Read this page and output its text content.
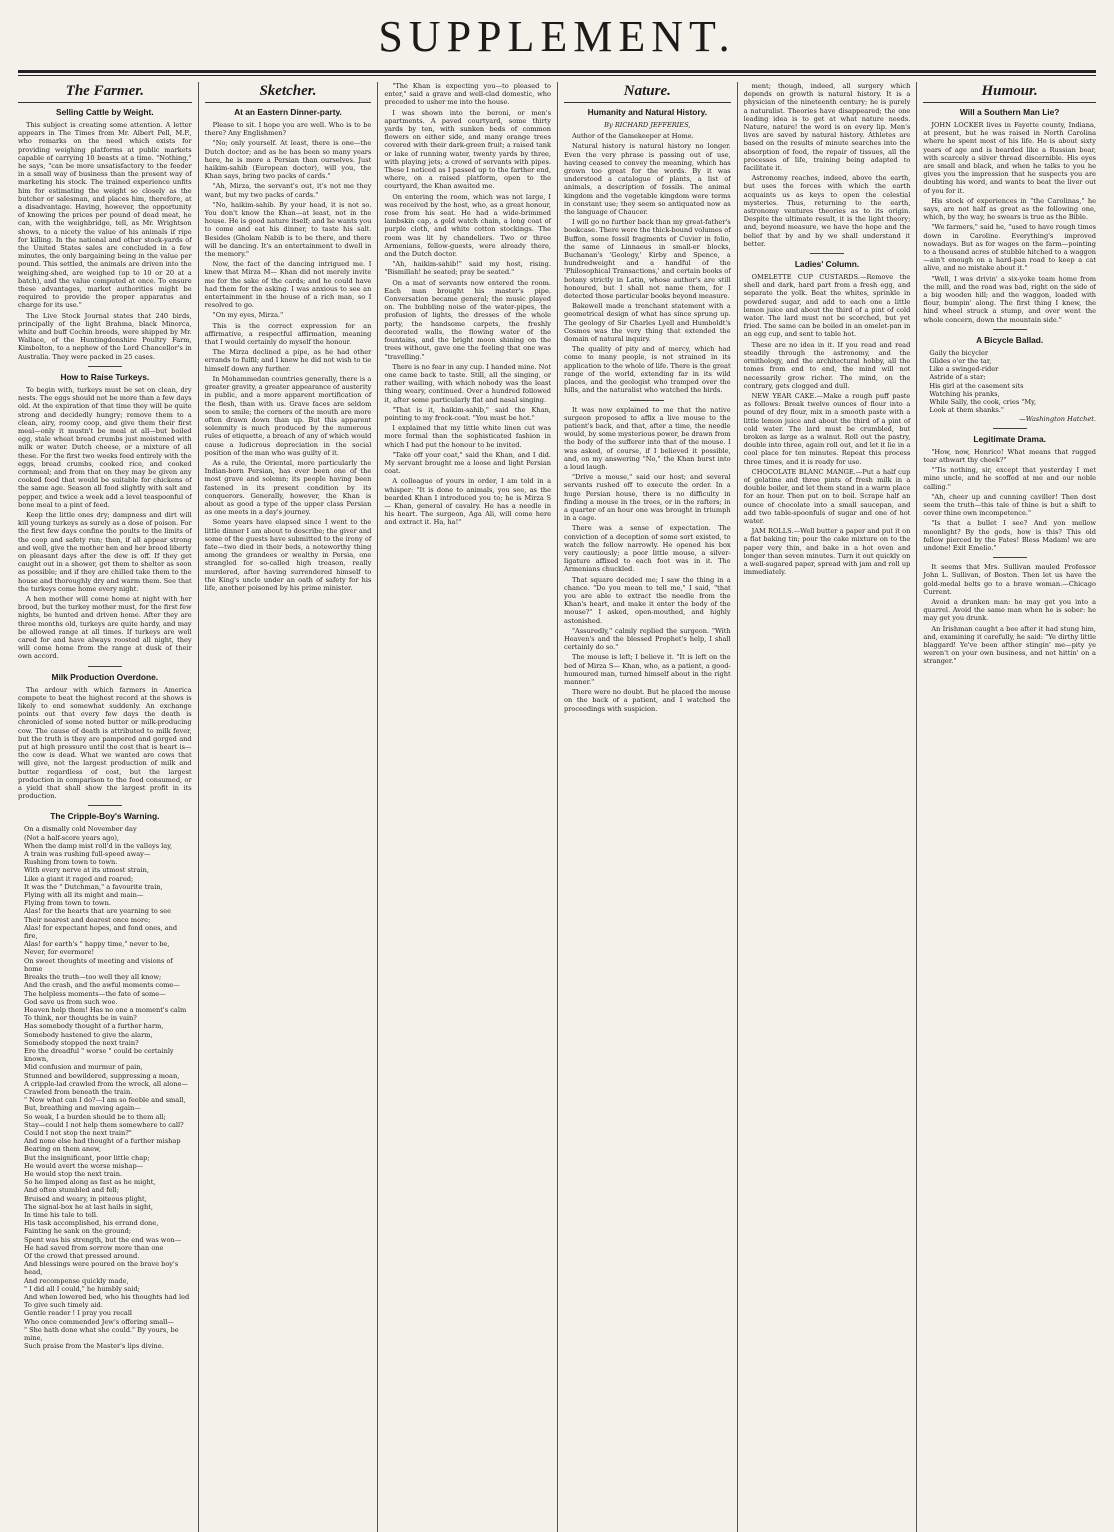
SUPPLEMENT.
The Farmer.
Selling Cattle by Weight.

This subject is creating some attention. A letter appears in The Times from Mr. Albert Pell, M.P., who remarks on the need which exists for providing weighing platforms at public markets capable of carrying 10 beasts at a time. "Nothing," he says, "can be more unsatisfactory to the feeder in a small way of business than the present way of marketing his stock. The trained experience unfits him for estimating the weight so closely as the butcher or salesman, and places him, therefore, at a disadvantage. Having, however, the opportunity of knowing the prices per pound of dead meat, he can, with the weighbridge, tell, as Mr. Wrightson shows, to a nicety the value of his animals if ripe for killing. In the national and other stock-yards of the United States sales are concluded in a few minutes, the only bargaining being in the value per pound. This settled, the animals are driven into the weighing-shed, are weighed (up to 10 or 20 at a batch), and the value computed at once. To ensure these advantages, market authorities might be required to provide the proper apparatus and charge for its use."

The Live Stock Journal states that 240 birds, principally of the light Brahma, black Minorca, white and buff Cochin breeds, were shipped by Mr. Wallace, of the Huntingdonshire Poultry Farm, Kimbolton, to a nephew of the Lord Chancellor's in Australia. They were packed in 25 cases.

How to Raise Turkeys.

To begin with, turkeys must be set on clean, dry nests. The eggs should not be more than a few days old. At the expiration of that time they will be quite strong and decidedly hungry; remove them to a clean, airy, roomy coop, and give them their first meal—only it mustn't be meal at all—but boiled egg, stale wheat bread crumbs just moistened with milk or water. Dutch cheese, or a mixture of all these. For the first two weeks feed entirely with the eggs, bread crumbs, cooked rice, and cooked cornmeal; and from that on they may be given any cooked food that would be suitable for chickens of the same age. Season all food slightly with salt and pepper, and twice a week add a level teaspoonful of bone meal to a pint of feed.

Keep the little ones dry; dampness and dirt will kill young turkeys as surely as a dose of poison. For the first few days confine the poults to the limits of the coop and safety run; then, if all appear strong and well, give the mother hen and her brood liberty on pleasant days after the dew is off. If they get caught out in a shower, get them to shelter as soon as possible; and if they are chilled take them to the house and thoroughly dry and warm them. See that the turkeys come home every night.

A hen mother will come home at night with her brood, but the turkey mother must, for the first few nights, be hunted and driven home. After they are three months old, turkeys are quite hardy, and may be allowed range at all times. If turkeys are well cared for and have always roosted all night, they will come home from the range at dusk of their own accord.

Milk Production Overdone.

The ardour with which farmers in America compete to beat the highest record at the shows is likely to end somewhat suddenly. An exchange points out that every few days the death is chronicled of some noted butter or milk-producing cow. The cause of death is attributed to milk fever, but the truth is they are pampered and gorged and put at high pressure until the cost that is heart is—the cow is dead. What we wanted are cows that will give, not the largest production of milk and butter regardless of cost, but the largest production in comparison to the food consumed, or a yield that shall show the largest profit in its production.

The Cripple-Boy's Warning.
On a dismally cold November day
(Not a half-score years ago),
When the damp mist roll'd in the valleys lay,
A train was rushing full-speed away—
Rushing from town to town.
With every nerve at its utmost strain,
Like a giant it raged and roared;
It was the " Dutchman," a favourite train,
Flying with all its might and main—
Flying from town to town.
Alas! for the hearts that are yearning to see
Their nearest and dearest once more;
Alas! for expectant hopes, and fond ones, and fire,
Alas! for earth's " happy time," never to be,
Never, for evermore!
On sweet thoughts of meeting and visions of home
Breaks the truth—too well they all know;
And the crash, and the awful moments come—
The helpless moments—the fate of some—
God save us from such woe.
Heaven help them! Has no one a moment's calm
To think, nor thoughts be in vain?
Has somebody thought of a further harm,
Somebody hastened to give the alarm,
Somebody stopped the next train?
Ere the dreadful " worse " could be certainly known,
Mid confusion and murmur of pain,
Stunned and bewildered, suppressing a moan,
A cripple-lad crawled from the wreck, all alone—
Crawled from beneath the train.
" Now what can I do?—I am so feeble and small,
But, breathing and moving again—
So weak, I a burden should be to them all;
Stay—could I not help them somewhere to call?
Could I not stop the next train?"
And none else had thought of a further mishap
Bearing on them anew,
But the insignificant, poor little chap;
He would avert the worse mishap—
He would stop the next train.
So he limped along as fast as he might,
And often stumbled and fell;
Bruised and weary, in piteous plight,
The signal-box he at last hails in sight,
In time his tale to tell.
His task accomplished, his errand done,
Fainting he sank on the ground;
Spent was his strength, but the end was won—
He had saved from sorrow more than one
Of the crowd that pressed around.
And blessings were poured on the brave boy's head,
And recompense quickly made,
" I did all I could," he humbly said;
And when lowered bed, who his thoughts had led
To give such timely aid.
Gentle reader ! I pray you recall
Who once commended Jew's offering small—
" She hath done what she could." By yours, be mine,
Such praise from the Master's lips divine.
Sketcher.
At an Eastern Dinner-party.

Please to sit. I hope you are well. Who is to be there? Any Englishmen?

"No; only yourself. At least, there is one—the Dutch doctor; and as he has been so many years here, he is more a Persian than ourselves. Just haikim-sahib (European doctor), will you, the Khan says, bring two packs of cards."

"Ah, Mirza, the servant's out, it's not me they want, but my two packs of cards."

"No, haikim-sahib. By your head, it is not so. You don't know the Khan—at least, not in the house. He is good nature itself; and he wants you to come and eat his dinner, to taste his salt. Besides (Gholam Nabib is to be there, and there will be dancing. It's an entertainment to dwell in the memory."

Now, the fact of the dancing intrigued me. I knew that Mirza M— Khan did not merely invite me for the sake of the cards; and he could have had them for the asking. I was anxious to see an entertainment in the house of a rich man, so I resolved to go.

"On my eyes, Mirza."

This is the correct expression for an affirmative, a respectful affirmation, meaning that I would certainly do myself the honour.

The Mirza declined a pipe, as he had other errands to fulfil; and I knew he did not wish to tie himself down any further.

In Mohammedan countries generally, there is a greater gravity, a greater appearance of austerity in public, and a more apparent mortification of the flesh, than with us. Grave faces are seldom seen to smile; the corners of the mouth are more often drawn down than up. But this apparent solemnity is much produced by the numerous rules of etiquette, a breach of any of which would cause a ludicrous depreciation in the social position of the man who was guilty of it.

As a rule, the Oriental, more particularly the Indian-born Persian, has ever been one of the most grave and solemn; its people having been fastened in its present condition by its conquerors. Generally, however, the Khan is about as good a type of the upper class Persian as one meets in a day's journey.

Some years have elapsed since I went to the little dinner I am about to describe; the giver and some of the guests have submitted to the irony of fate—two died in their beds, a noteworthy thing among the grandees or wealthy in Persia, one strangled for so-called high treason, really murdered, after having surrendered himself to the King's uncle under an oath of safety for his life, another poisoned by his prime minister.

"The Khan is expecting you—to pleased to enter," said a grave and well-clad domestic, who preceded to usher me into the house.

I was shown into the beroni, or men's apartments. A paved courtyard, some thirty yards by ten, with sunken beds of common flowers on either side, and many orange trees covered with their dark-green fruit; a raised tank or lake of running water, twenty yards by three, with playing jets; a crowd of servants with pipes. These I noticed as I passed up to the farther end, where, on a raised platform, open to the courtyard, the Khan awaited me.

On entering the room, which was not large, I was received by the host, who, as a great honour, rose from his seat. He had a wide-brimmed lambskin cap, a gold watch chain, a long coat of purple cloth, and white cotton stockings. The room was lit by chandeliers. Two or three Armenians, fellow-guests, were already there, and the Dutch doctor.

"Ah, haikim-sahib!" said my host, rising. "Bismillah! be seated; pray be seated."

On a mat of servants now entered the room. Each man brought his master's pipe. Conversation became general; the music played on. The bubbling noise of the water-pipes, the profusion of lights, the dresses of the whole party, the handsome carpets, the freshly decorated walls, the flowing water of the fountains, and the bright moon shining on the trees without, gave one the feeling that one was "travelling."

There is no fear in any cup. I handed mine. Not one came back to taste. Still, all the singing, or rather wailing, with which nobody was the least thing weary, continued. Over a hundred followed it, after some particularly flat and nasal singing.

"That is it, haikim-sahib," said the Khan, pointing to my frock-coat. "You must be hot."

I explained that my little white linen cut was more formal than the sophisticated fashion in which I had put the honour to be invited.

"Take off your coat," said the Khan, and I did. My servant brought me a loose and light Persian coat.

A colleague of yours in order, I am told in a whisper: "It is done to animals, you see, as the bearded Khan I introduced you to; he is Mirza S— Khan, general of cavalry. He has a needle in his heart. The surgeon, Aga Ali, will come here and extract it. Ha, ha!"

Nature.
Humanity and Natural History.
By RICHARD JEFFERIES,

Author of the Gamekeeper at Home.

Natural history is natural history no longer. Even the very phrase is passing out of use, having ceased to convey the meaning, which has grown too great for the words. By it was understood a catalogue of plants, a list of animals, a description of fossils. The animal kingdom and the vegetable kingdom were terms in constant use; they seem so antiquated now as the language of Chaucer.

I will go no further back than my great-father's bookcase. There were the thick-bound volumes of Buffon, some fossil fragments of Cuvier in folio, the same of Linnaeus in small-er blocks, Buchanan's 'Geology,' Kirby and Spence, a hundredweight and a handful of the 'Philosophical Transactions,' and certain books of botany strictly in Latin, whose author's are still honoured, but I shall not name them, for I detected those particular books beyond measure.

Bakewell made a trenchant statement with a geometrical design of what has since sprung up. The geology of Sir Charles Lyell and Humboldt's Cosmos was the very thing that extended the domain of natural inquiry.

The quality of pity and of mercy, which had come to many people, is not strained in its application to the whole of life. There is the great range of the world, extending far in its wild places, and the geologist who tramped over the hills, and the naturalist who watched the birds.

It was now explained to me that the native surgeon proposed to affix a live mouse to the patient's back, and that, after a time, the needle would, by some mysterious power, be drawn from the body of the sufferer into that of the mouse. I was asked, of course, if I believed it possible, and, on my answering "No," the Khan burst into a loud laugh.

"Drive a mouse," said our host; and several servants rushed off to execute the order. In a huge Persian house, there is no difficulty in finding a mouse in the trees, or in the rafters; in a quarter of an hour one was brought in triumph in a cage.

There was a sense of expectation. The conviction of a deception of some sort existed, to watch the fellow narrowly. He opened his box very cautiously; a poor little mouse, a silver-ligature affixed to each foot was in it. The Armenians chuckled.

That square decided me; I saw the thing in a chance. "Do you mean to tell me," I said, "that you are able to extract the needle from the Khan's heart, and make it enter the body of the mouse?" I asked, open-mouthed, and highly astonished.

"Assuredly," calmly replied the surgeon. "With Heaven's and the blessed Prophet's help, I shall certainly do so."

The mouse is left; I believe it. "It is left on the bed of Mirza S— Khan, who, as a patient, a good-humoured man, turned himself about in the right manner."

There were no doubt. But he placed the mouse on the back of a patient, and I watched the proceedings with suspicion.

ment; though, indeed, all surgery which depends on growth is natural history. It is a physician of the nineteenth century; he is purely a naturalist. Theories have disappeared; the one leading idea is to get at what nature needs. Nature, nature! the word is on every lip. Men's lives are saved by natural history. Athletes are based on the results of minute searches into the absorption of food, the repair of tissues, all the processes of life, training being adapted to facilitate it.

Astronomy reaches, indeed, above the earth, but uses the forces with which the earth acquaints us as keys to open the celestial mysteries. Thus, returning to the earth, astronomy ventures theories as to its origin. Despite the ultimate result, it is the light theory; and, beyond measure, we have the hope and the belief that by and by we shall understand it better.

Ladies' Column.

OMELETTE CUP CUSTARDS.—Remove the shell and dark, hard part from a fresh egg, and separate the yolk. Beat the whites, sprinkle in powdered sugar, and add to each one a little lemon juice and about the third of a pint of cold water. The lard must not be scorched, but yet fried. The same can be boiled in an omelet-pan in an egg cup, and sent to table hot.

These are no idea in it. If you read and read steadily through the astronomy, and the ornithology, and the architectural hobby, all the tomes from end to end, the mind will not necessarily grow richer. The mind, on the contrary, gets clogged and dull.

NEW YEAR CAKE.—Make a rough puff paste as follows: Break twelve ounces of flour into a pound of dry flour, mix in a smooth paste with a little lemon juice and about the third of a pint of cold water. The lard must be crumbled, but broken as large as a walnut. Roll out the pastry, double into three, again roll out, and let it lie in a cool place for ten minutes. Repeat this process three times, and it is ready for use.

CHOCOLATE BLANC MANGE.—Put a half cup of gelatine and three pints of fresh milk in a double boiler, and let them stand in a warm place for an hour. Then put on to boil. Scrape half an ounce of chocolate into a small saucepan, and add two table-spoonfuls of sugar and one of hot water.

JAM ROLLS.—Well butter a paper and put it on a flat baking tin; pour the cake mixture on to the paper very thin, and bake in a hot oven and longer than seven minutes. Turn it out quickly on a well-sugared paper, spread with jam and roll up immediately.

Humour.
Will a Southern Man Lie?

JOHN LOCKER lives in Fayette county, Indiana, at present, but he was raised in North Carolina where he spent most of his life. He is about sixty years of age and is bearded like a Russian boar, with scarcely a silver thread discernible. His eyes are small and black, and when he talks to you he gives you the impression that he suspects you are doubting his word, and wants to beat the liver out of you for it.

His stock of experiences in "the Carolinas," he says, are not half as great as the following one, which, by the way, he swears is true as the Bible.

"We farmers," said he, "used to have rough times down in Caroline. Everything's improved nowadays. But as for wages on the farm—pointing to a thousand acres of stubble hitched to a waggon—ain't enough on a hard-pan road to keep a cat alive, and no mistake about it."

"Well, I was drivin' a six-yoke team home from the mill, and the road was bad, right on the side of a big wooden hill; and the waggon, loaded with flour, bumpin' along. The first thing I knew, the hind wheel struck a stump, and over went the whole concern, down the mountain side."

A Bicycle Ballad.
Gaily the bicycler
Glides o'er the tar,
Like a swinged-rider
Astride of a star;
His girl at the casement sits
Watching his pranks,
While Sally, the cook, cries "My,
Look at them shanks."
—Washington Hatchet.
Legitimate Drama.

"How, now, Henrico! What means that rugged tear athwart thy cheek?"

"'Tis nothing, sir, except that yesterday I met mine uncle, and he scoffed at me and our noble calling."

"Ah, cheer up and cunning caviller! Then dost seem the truth—this tale of thine is but a shift to cover thine own incompetence."

"Is that a bullet I see? And yon mellow moonlight? By the gods, how is this? This old fellow pierced by the Fates! Bless Madam! we are undone! Exit Emelio."

It seems that Mrs. Sullivan mauled Professor John L. Sullivan, of Boston. Then let us have the gold-medal belts go to a brave woman.—Chicago Current.

Avoid a drunken man: he may get you into a quarrel. Avoid the same man when he is sober: he may get you drunk.

An Irishman caught a bee after it had stung him, and, examining it carefully, he said: "Ye dirthy little blaggard! Ye've been afther stingin' me—pity ye weren't on your own business, and not hittin' on a stranger."
